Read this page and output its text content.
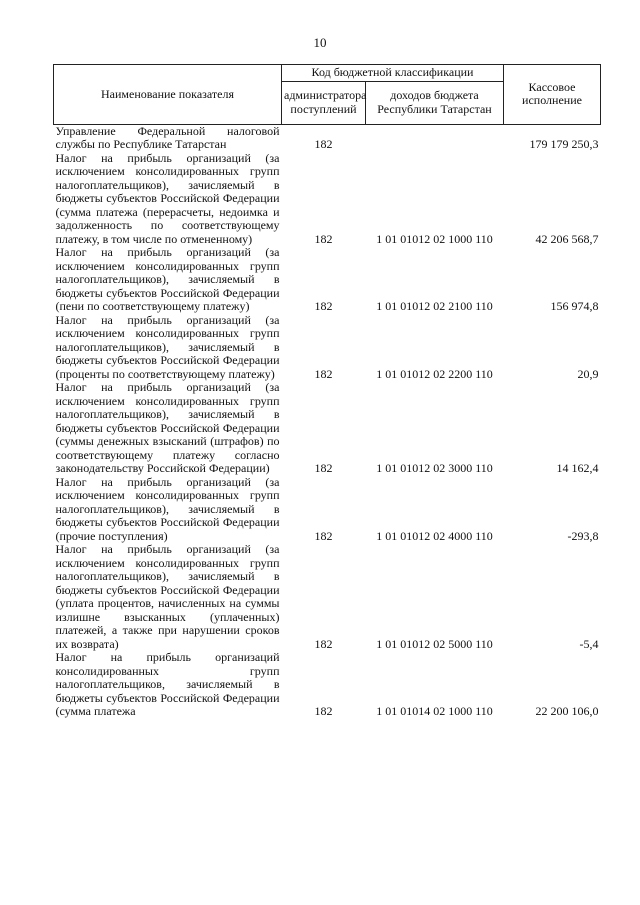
10
Наименование показателя	Код бюджетной классификации		Кассовое исполнение
	администратора поступлений	доходов бюджета Республики Татарстан	
Управление Федеральной налоговой службы по Республике Татарстан	182		179 179 250,3
Налог на прибыль организаций (за исключением консолидированных групп налогоплательщиков), зачисляемый в бюджеты субъектов Российской Федерации (сумма платежа (перерасчеты, недоимка и задолженность по соответствующему платежу, в том числе по отмененному)	182	1 01 01012 02 1000 110	42 206 568,7
Налог на прибыль организаций (за исключением консолидированных групп налогоплательщиков), зачисляемый в бюджеты субъектов Российской Федерации (пени по соответствующему платежу)	182	1 01 01012 02 2100 110	156 974,8
Налог на прибыль организаций (за исключением консолидированных групп налогоплательщиков), зачисляемый в бюджеты субъектов Российской Федерации (проценты по соответствующему платежу)	182	1 01 01012 02 2200 110	20,9
Налог на прибыль организаций (за исключением консолидированных групп налогоплательщиков), зачисляемый в бюджеты субъектов Российской Федерации (суммы денежных взысканий (штрафов) по соответствующему платежу согласно законодательству Российской Федерации)	182	1 01 01012 02 3000 110	14 162,4
Налог на прибыль организаций (за исключением консолидированных групп налогоплательщиков), зачисляемый в бюджеты субъектов Российской Федерации (прочие поступления)	182	1 01 01012 02 4000 110	-293,8
Налог на прибыль организаций (за исключением консолидированных групп налогоплательщиков), зачисляемый в бюджеты субъектов Российской Федерации (уплата процентов, начисленных на суммы излишне взысканных (уплаченных) платежей, а также при нарушении сроков их возврата)	182	1 01 01012 02 5000 110	-5,4
Налог на прибыль организаций консолидированных групп налогоплательщиков, зачисляемый в бюджеты субъектов Российской Федерации (сумма платежа	182	1 01 01014 02 1000 110	22 200 106,0
